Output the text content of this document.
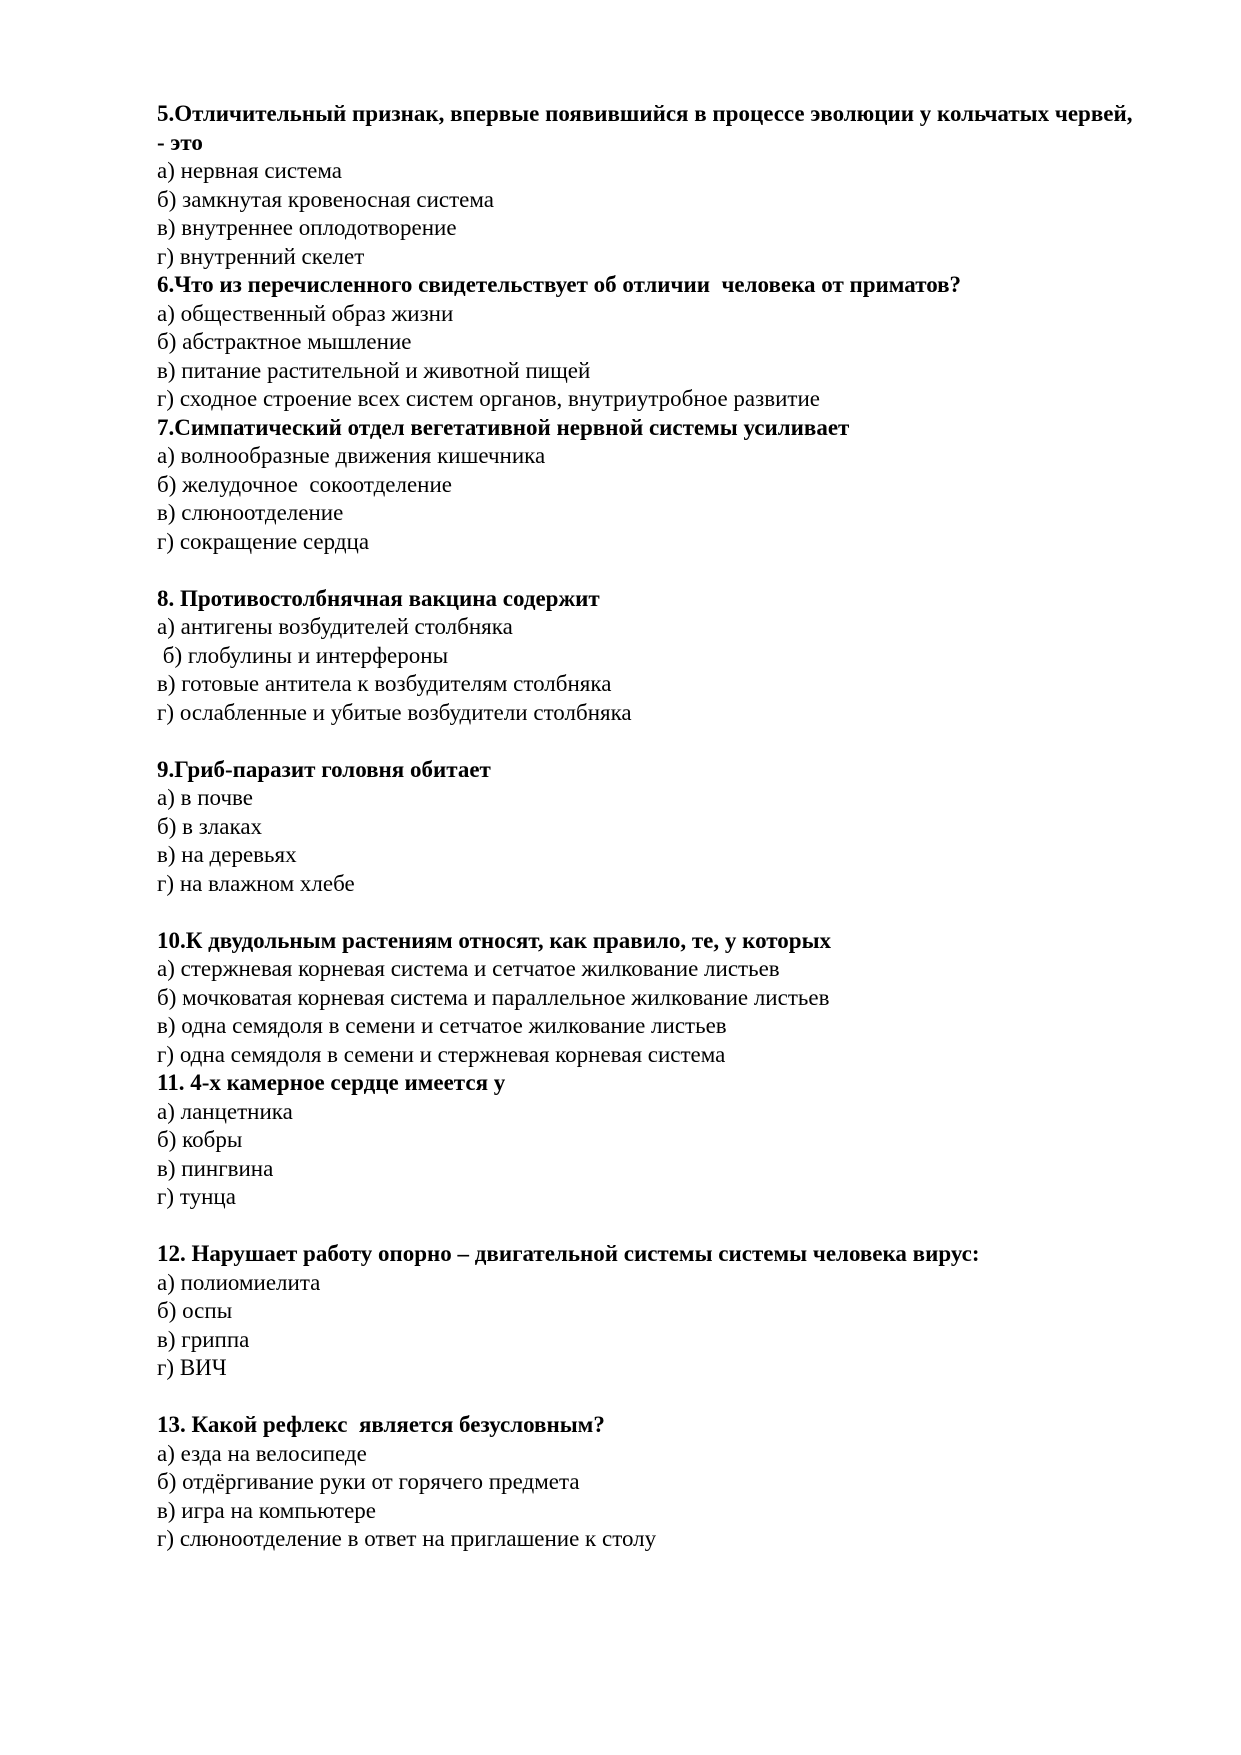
5.Отличительный признак, впервые появившийся в процессе эволюции у кольчатых червей, - это
а) нервная система
б) замкнутая кровеносная система
в) внутреннее оплодотворение
г) внутренний скелет
6.Что из перечисленного свидетельствует об отличии  человека от приматов?
а) общественный образ жизни
б) абстрактное мышление
в) питание растительной и животной пищей
г) сходное строение всех систем органов, внутриутробное развитие
7.Симпатический отдел вегетативной нервной системы усиливает
а) волнообразные движения кишечника
б) желудочное  сокоотделение
в) слюноотделение
г) сокращение сердца
8. Противостолбнячная вакцина содержит
а) антигены возбудителей столбняка
б) глобулины и интерфероны
в) готовые антитела к возбудителям столбняка
г) ослабленные и убитые возбудители столбняка
9.Гриб-паразит головня обитает
а) в почве
б) в злаках
в) на деревьях
г) на влажном хлебе
10.К двудольным растениям относят, как правило, те, у которых
а) стержневая корневая система и сетчатое жилкование листьев
б) мочковатая корневая система и параллельное жилкование листьев
в) одна семядоля в семени и сетчатое жилкование листьев
г) одна семядоля в семени и стержневая корневая система
11. 4-х камерное сердце имеется у
а) ланцетника
б) кобры
в) пингвина
г) тунца
12. Нарушает работу опорно – двигательной системы системы человека вирус:
а) полиомиелита
б) оспы
в) гриппа
г) ВИЧ
13. Какой рефлекс  является безусловным?
а) езда на велосипеде
б) отдёргивание руки от горячего предмета
в) игра на компьютере
г) слюноотделение в ответ на приглашение к столу
